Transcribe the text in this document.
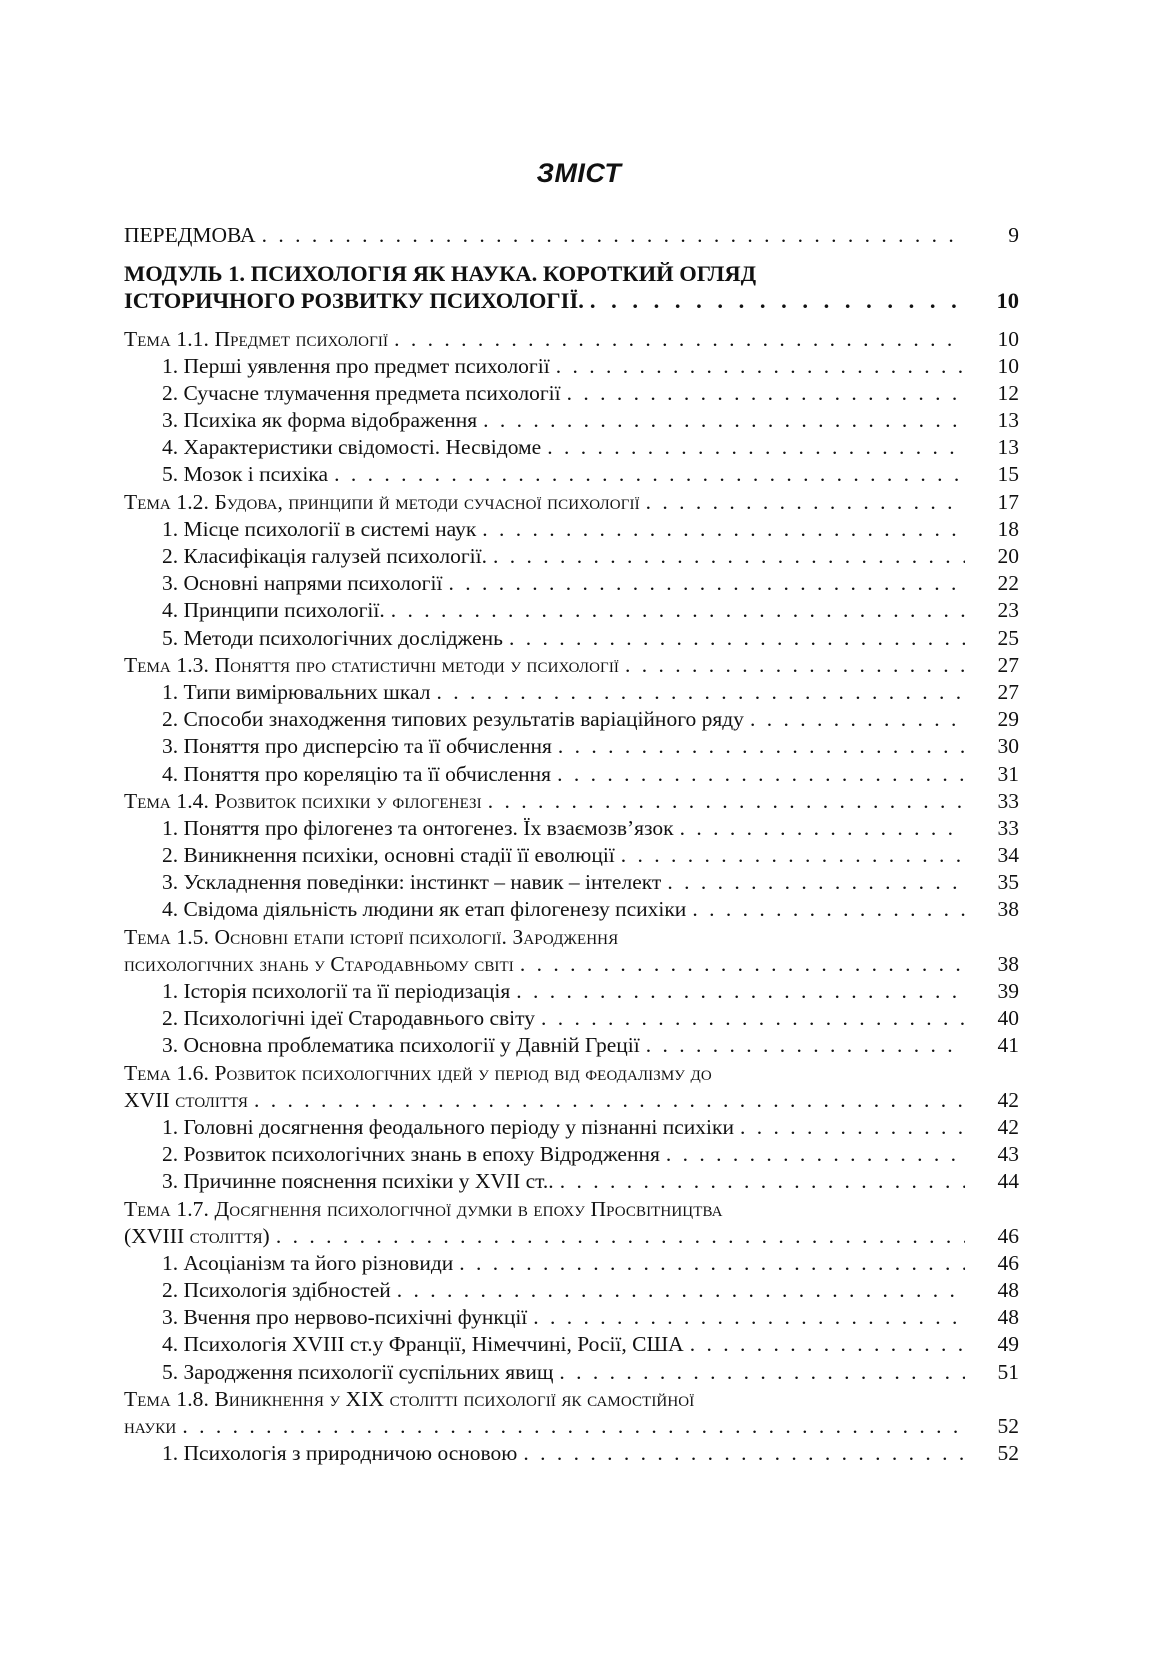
ЗМІСТ
ПЕРЕДМОВА . . .	9
МОДУЛЬ 1. ПСИХОЛОГІЯ ЯК НАУКА. КОРОТКИЙ ОГЛЯД
ІСТОРИЧНОГО РОЗВИТКУ ПСИХОЛОГІЇ. . . .	10
Тема 1.1. Предмет психології . . .	10
1. Перші уявлення про предмет психології . . .	10
2. Сучасне тлумачення предмета психології . . .	12
3. Психіка як форма відображення . . .	13
4. Характеристики свідомості. Несвідоме . . .	13
5. Мозок і психіка . . .	15
Тема 1.2. Будова, принципи й методи сучасної психології . . .	17
1. Місце психології в системі наук . . .	18
2. Класифікація галузей психології. . . .	20
3. Основні напрями психології . . .	22
4. Принципи психології. . . .	23
5. Методи психологічних досліджень . . .	25
Тема 1.3. Поняття про статистичні методи у психології . . .	27
1. Типи вимірювальних шкал . . .	27
2. Способи знаходження типових результатів варіаційного ряду . . .	29
3. Поняття про дисперсію та її обчислення . . .	30
4. Поняття про кореляцію та її обчислення . . .	31
Тема 1.4. Розвиток психіки у філогенезі . . .	33
1. Поняття про філогенез та онтогенез. Їх взаємозв’язок . . .	33
2. Виникнення психіки, основні стадії її еволюції . . .	34
3. Ускладнення поведінки: інстинкт – навик – інтелект . . .	35
4. Свідома діяльність людини як етап філогенезу психіки . . .	38
Тема 1.5. Основні етапи історії психології. Зародження
психологічних знань у Стародавньому світі . . .	38
1. Історія психології та її періодизація . . .	39
2. Психологічні ідеї Стародавнього світу . . .	40
3. Основна проблематика психології у Давній Греції . . .	41
Тема 1.6. Розвиток психологічних ідей у період від феодалізму до
XVII століття . . .	42
1. Головні досягнення феодального періоду у пізнанні психіки . . .	42
2. Розвиток психологічних знань в епоху Відродження . . .	43
3. Причинне пояснення психіки у XVII ст.. . . .	44
Тема 1.7. Досягнення психологічної думки в епоху Просвітництва
(XVIII століття) . . .	46
1. Асоціанізм та його різновиди . . .	46
2. Психологія здібностей . . .	48
3. Вчення про нервово-психічні функції . . .	48
4. Психологія XVIII ст.у Франції, Німеччині, Росії, США . . .	49
5. Зародження психології суспільних явищ . . .	51
Тема 1.8. Виникнення у XIX столітті психології як самостійної
науки . . .	52
1. Психологія з природничою основою . . .	52
